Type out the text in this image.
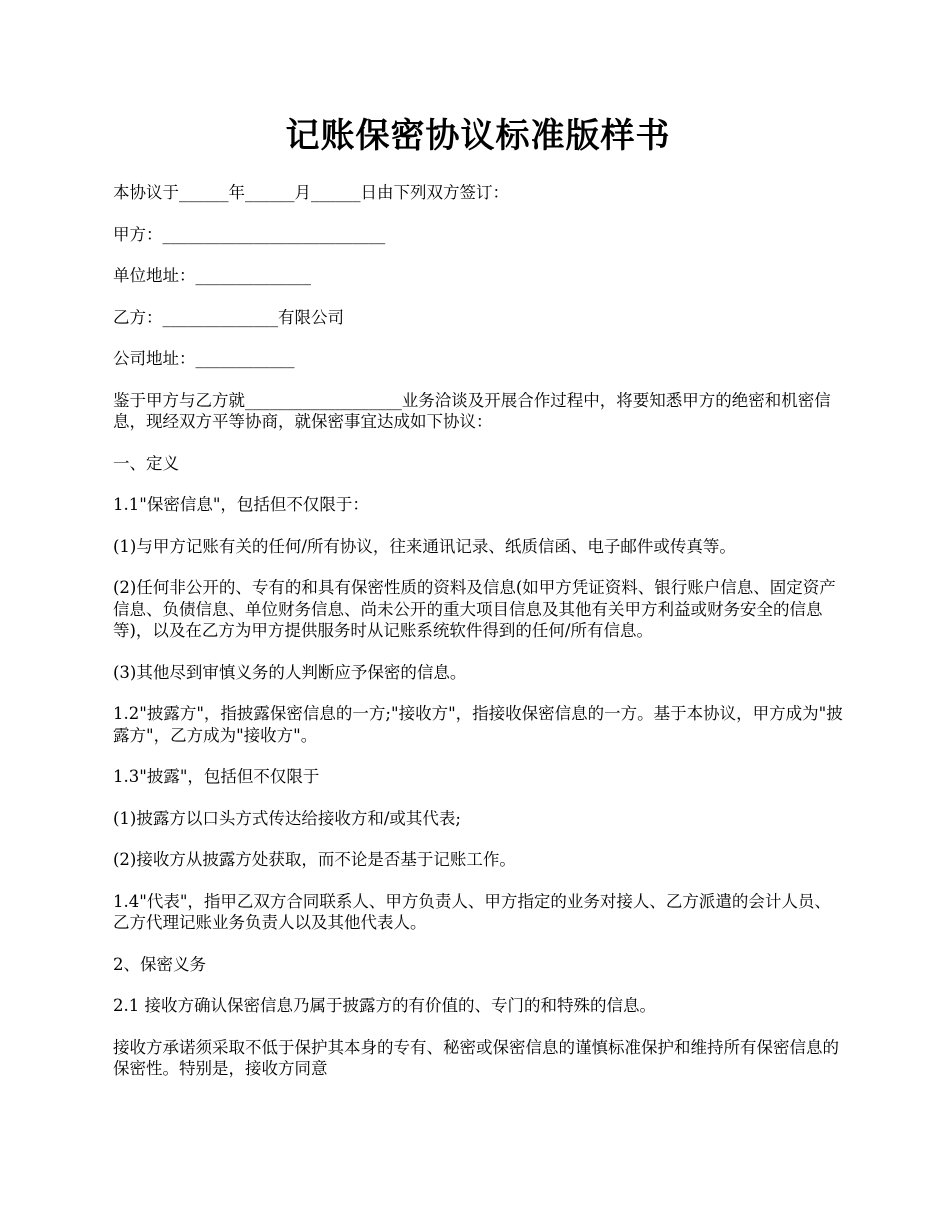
记账保密协议标准版样书

本协议于______年______月______日由下列双方签订：

甲方：___________________________

单位地址：______________

乙方：______________有限公司

公司地址：____________

鉴于甲方与乙方就___________________业务洽谈及开展合作过程中，将要知悉甲方的绝密和机密信息，现经双方平等协商，就保密事宜达成如下协议：

一、定义

1.1"保密信息"，包括但不仅限于：

(1)与甲方记账有关的任何/所有协议，往来通讯记录、纸质信函、电子邮件或传真等。

(2)任何非公开的、专有的和具有保密性质的资料及信息(如甲方凭证资料、银行账户信息、固定资产信息、负债信息、单位财务信息、尚未公开的重大项目信息及其他有关甲方利益或财务安全的信息等)，以及在乙方为甲方提供服务时从记账系统软件得到的任何/所有信息。

(3)其他尽到审慎义务的人判断应予保密的信息。

1.2"披露方"，指披露保密信息的一方;"接收方"，指接收保密信息的一方。基于本协议，甲方成为"披露方"，乙方成为"接收方"。

1.3"披露"，包括但不仅限于

(1)披露方以口头方式传达给接收方和/或其代表;

(2)接收方从披露方处获取，而不论是否基于记账工作。

1.4"代表"，指甲乙双方合同联系人、甲方负责人、甲方指定的业务对接人、乙方派遣的会计人员、乙方代理记账业务负责人以及其他代表人。

2、保密义务

2.1 接收方确认保密信息乃属于披露方的有价值的、专门的和特殊的信息。

接收方承诺须采取不低于保护其本身的专有、秘密或保密信息的谨慎标准保护和维持所有保密信息的保密性。特别是，接收方同意
